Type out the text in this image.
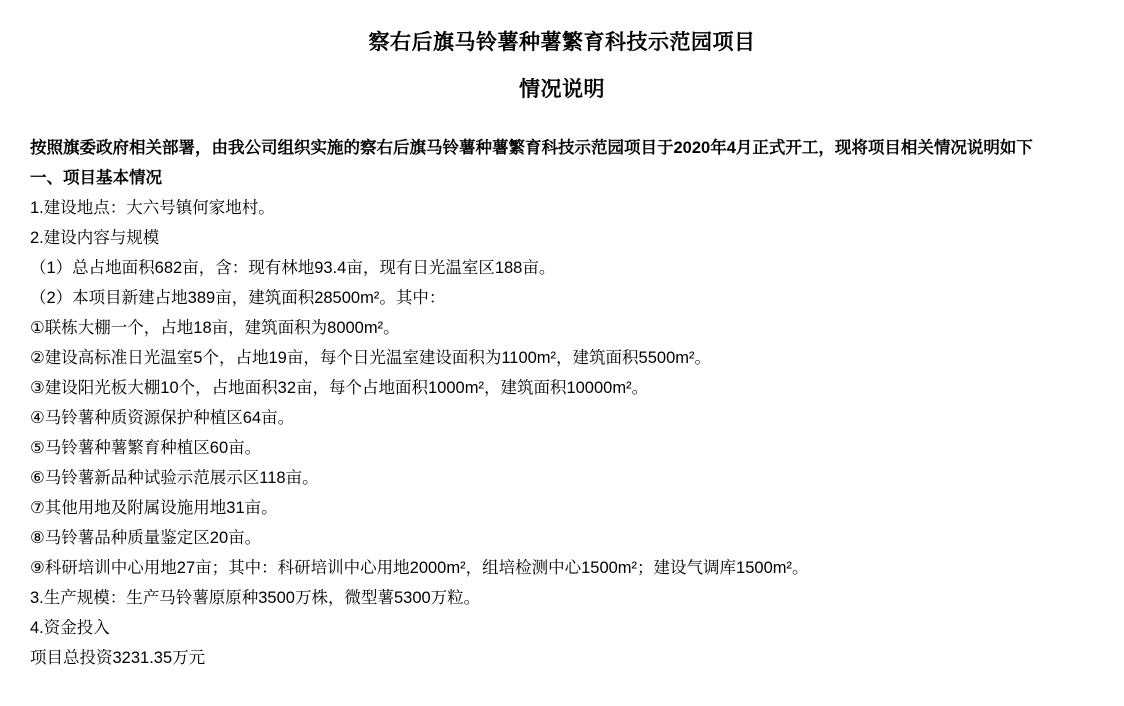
察右后旗马铃薯种薯繁育科技示范园项目
情况说明

按照旗委政府相关部署，由我公司组织实施的察右后旗马铃薯种薯繁育科技示范园项目于2020年4月正式开工，现将项目相关情况说明如下

一、项目基本情况

1.建设地点：大六号镇何家地村。

2.建设内容与规模

（1）总占地面积682亩，含：现有林地93.4亩，现有日光温室区188亩。

（2）本项目新建占地389亩，建筑面积28500m²。其中：

①联栋大棚一个，占地18亩，建筑面积为8000m²。

②建设高标准日光温室5个，占地19亩，每个日光温室建设面积为1100m²，建筑面积5500m²。

③建设阳光板大棚10个，占地面积32亩，每个占地面积1000m²，建筑面积10000m²。

④马铃薯种质资源保护种植区64亩。

⑤马铃薯种薯繁育种植区60亩。

⑥马铃薯新品种试验示范展示区118亩。

⑦其他用地及附属设施用地31亩。

⑧马铃薯品种质量鉴定区20亩。

⑨科研培训中心用地27亩；其中：科研培训中心用地2000m²，组培检测中心1500m²；建设气调库1500m²。

3.生产规模：生产马铃薯原原种3500万株，微型薯5300万粒。

4.资金投入

项目总投资3231.35万元
